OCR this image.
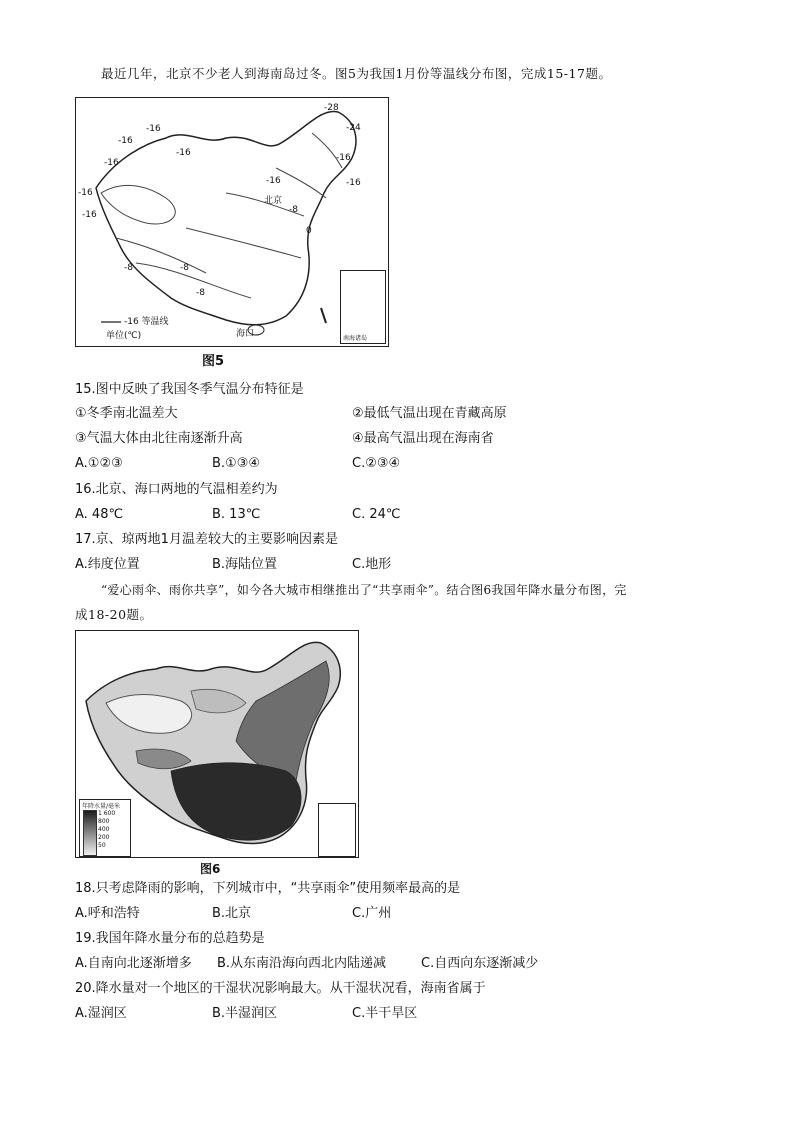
最近几年，北京不少老人到海南岛过冬。图5为我国1月份等温线分布图，完成15-17题。
-28
-24
-16
-16
-16
-16
-16
-16
-16
-16
-16
-8
-8
-8
-8
0
北京
海口
-16 等温线
单位(℃)	南海诸岛
图5
15.图中反映了我国冬季气温分布特征是
①冬季南北温差大	②最低气温出现在青藏高原
③气温大体由北往南逐渐升高	④最高气温出现在海南省
A.①②③	B.①③④	C.②③④
16.北京、海口两地的气温相差约为
A. 48℃	B. 13℃	C. 24℃
17.京、琼两地1月温差较大的主要影响因素是
A.纬度位置	B.海陆位置	C.地形
“爱心雨伞、雨你共享”，如今各大城市相继推出了“共享雨伞”。结合图6我国年降水量分布图，完
成18-20题。
年降水量/毫米
1 600
800
400
200
50
图6
18.只考虑降雨的影响，下列城市中，“共享雨伞”使用频率最高的是
A.呼和浩特	B.北京	C.广州
19.我国年降水量分布的总趋势是
A.自南向北逐渐增多 B.从东南沿海向西北内陆递减	C.自西向东逐渐减少
20.降水量对一个地区的干湿状况影响最大。从干湿状况看，海南省属于
A.湿润区	B.半湿润区	C.半干旱区
